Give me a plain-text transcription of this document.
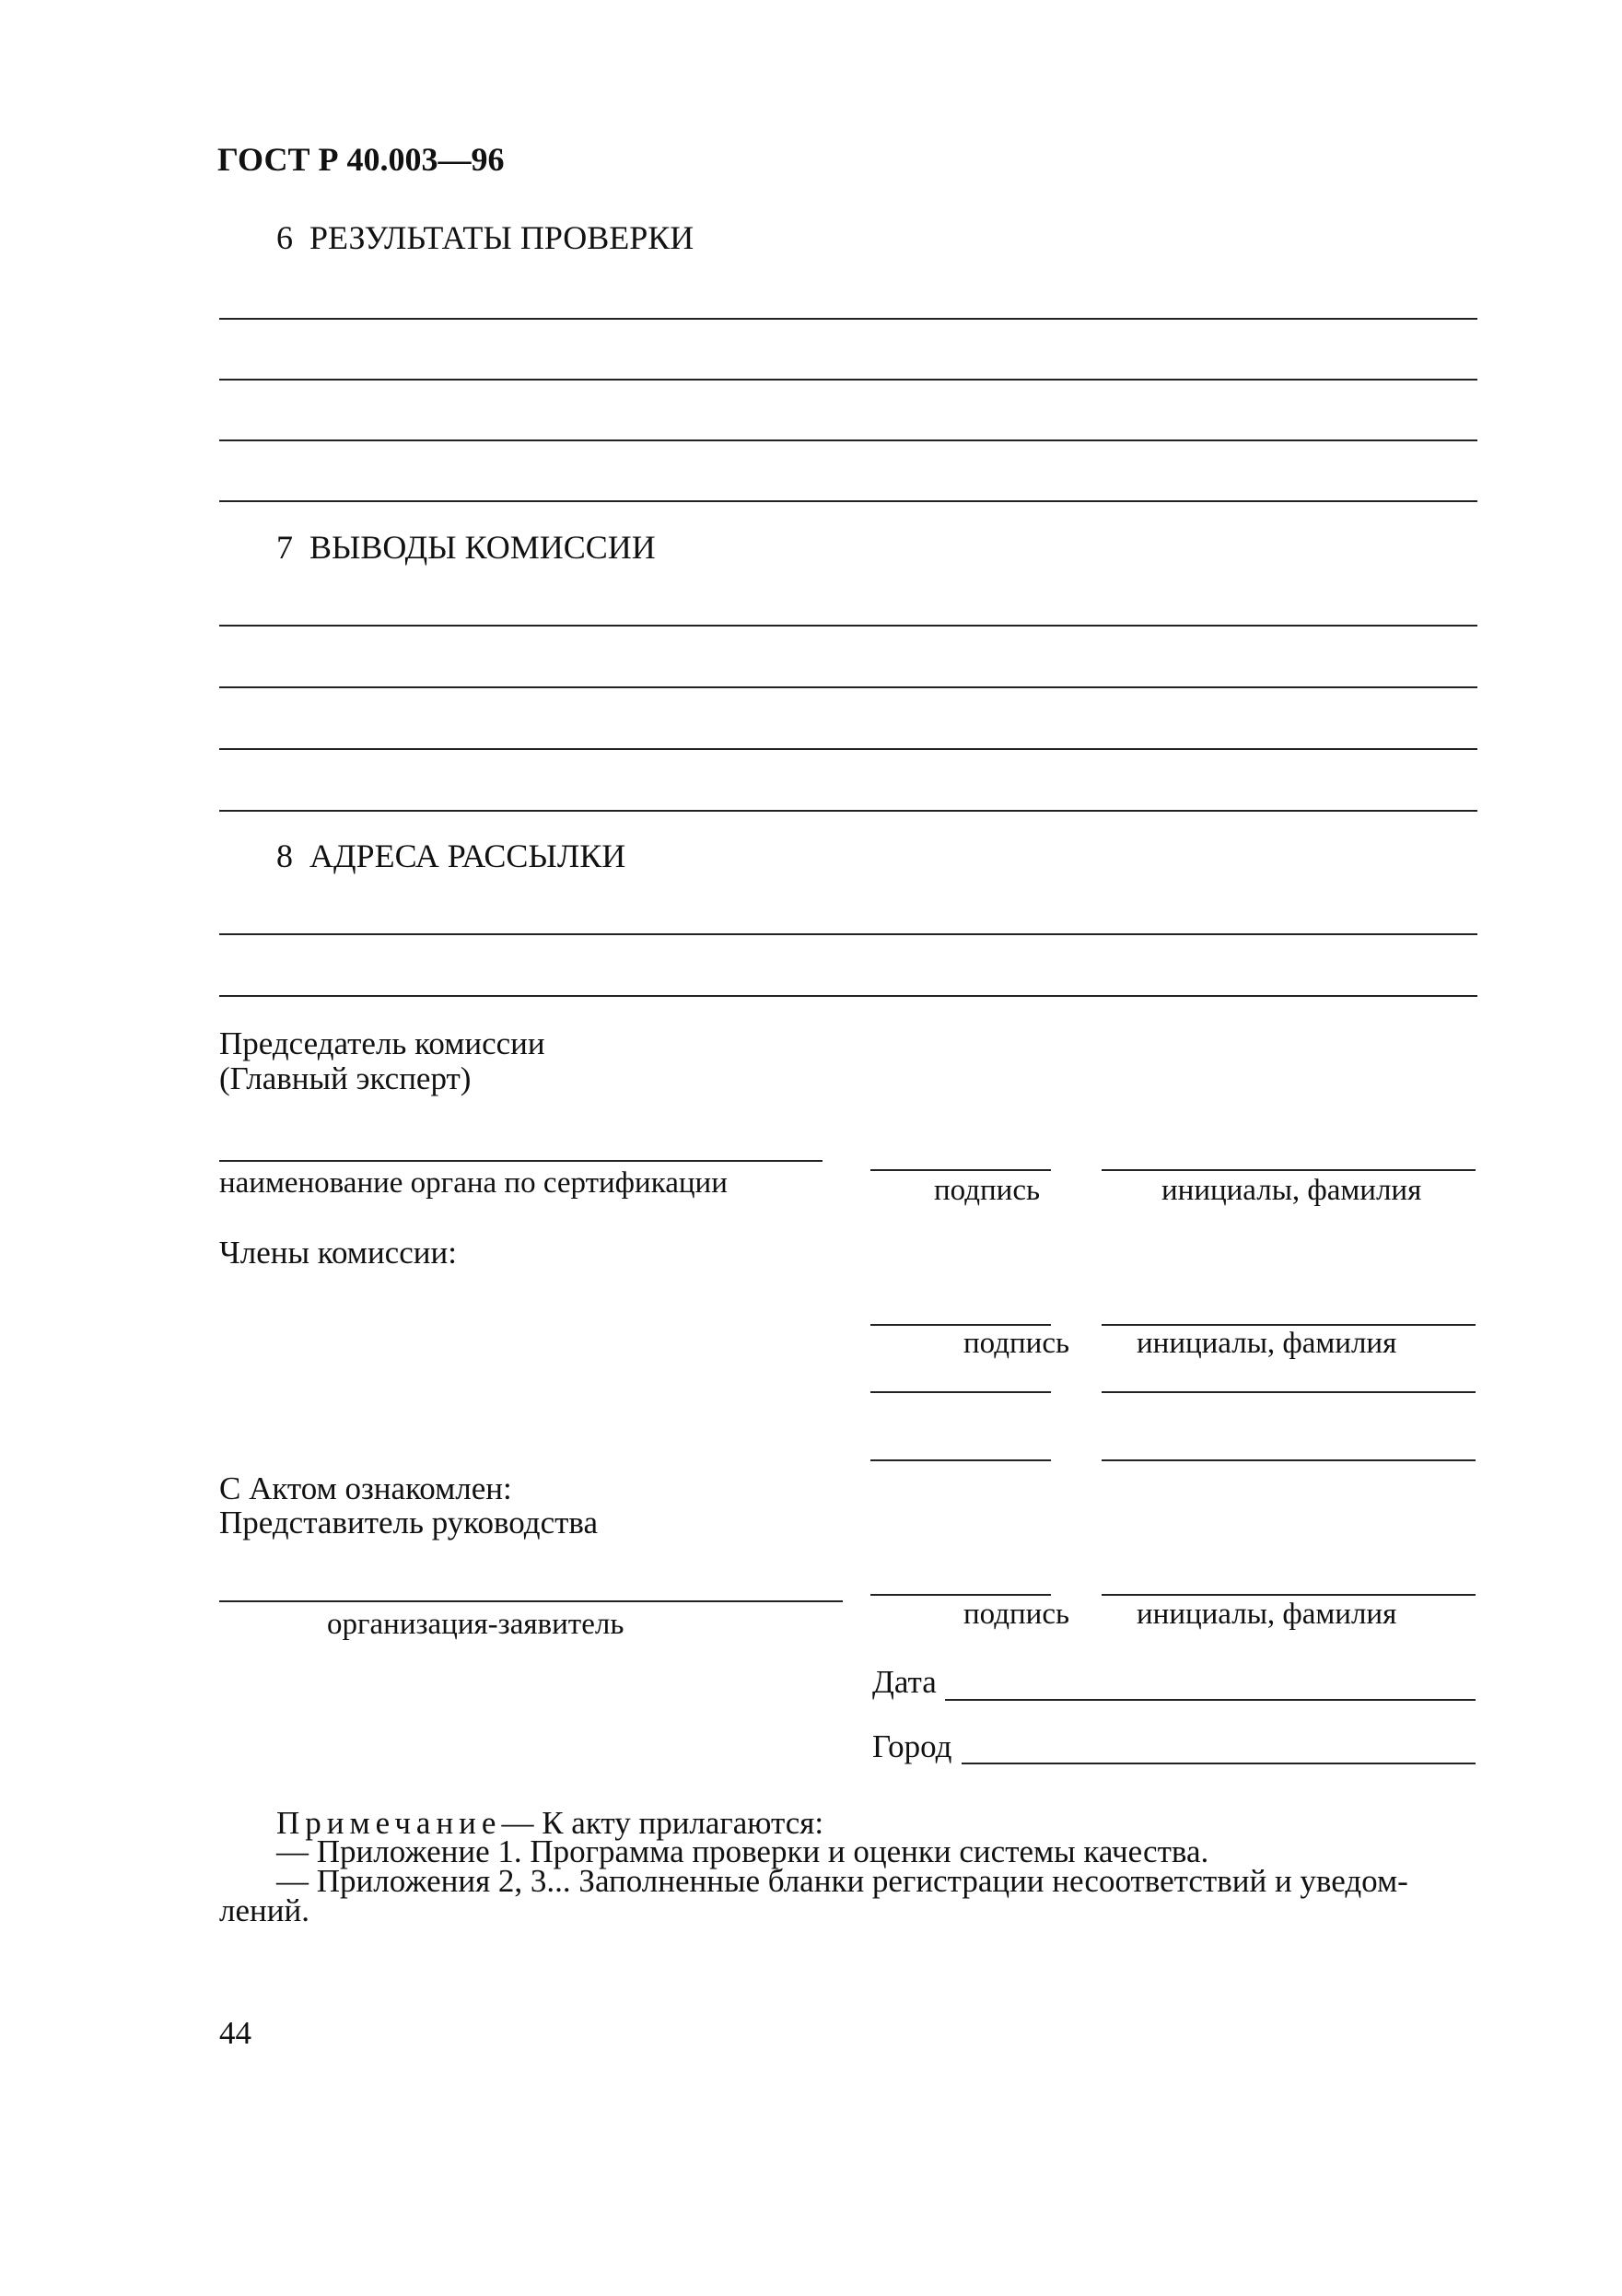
ГОСТ Р 40.003—96
6 РЕЗУЛЬТАТЫ ПРОВЕРКИ
7 ВЫВОДЫ КОМИССИИ
8 АДРЕСА РАССЫЛКИ
Председатель комиссии
(Главный эксперт)
наименование органа по сертификации	подпись	инициалы, фамилия
Члены комиссии:
подпись инициалы, фамилия
С Актом ознакомлен:
Представитель руководства
организация-заявитель	подпись инициалы, фамилия
Дата
Город
Примечание— К акту прилагаются:
— Приложение 1. Программа проверки и оценки системы качества.
— Приложения 2, 3... Заполненные бланки регистрации несоответствий и уведом-
лений.
44
